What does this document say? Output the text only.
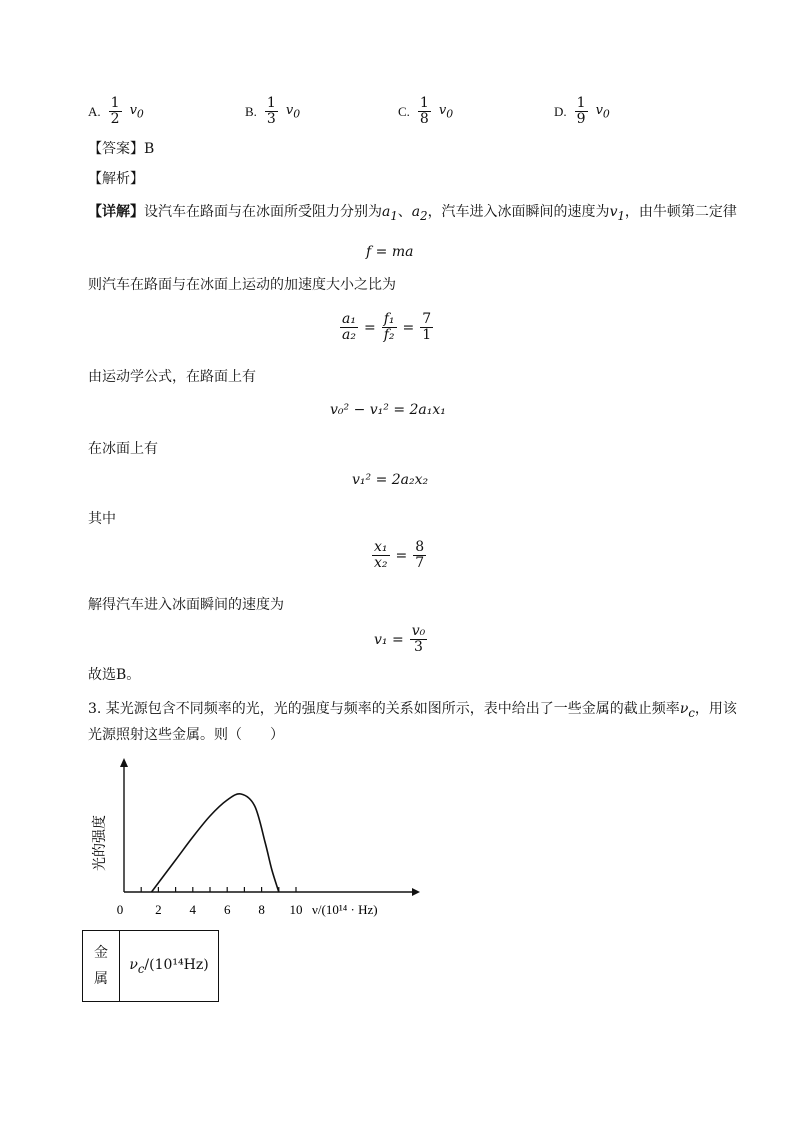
A. $\frac{1}{2} v_0$	B. $\frac{1}{3} v_0$	C. $\frac{1}{8} v_0$	D. $\frac{1}{9} v_0$
【答案】B
【解析】
【详解】设汽车在路面与在冰面所受阻力分别为$a_1$、$a_2$，汽车进入冰面瞬间的速度为$v_1$，由牛顿第二定律
f = ma
则汽车在路面与在冰面上运动的加速度大小之比为
$\frac{\text{a₁}}{\text{a₂}} = \frac{\text{f₁}}{\text{f₂}} = \frac{7}{1}$
由运动学公式，在路面上有
v₀² − v₁² = 2a₁x₁
在冰面上有
v₁² = 2a₂x₂
其中
$\frac{\text{x₁}}{\text{x₂}} = \frac{8}{7}$
解得汽车进入冰面瞬间的速度为
$v_1 = \frac{\text{v₀}}{3}$
故选B。
3. 某光源包含不同频率的光，光的强度与频率的关系如图所示，表中给出了一些金属的截止频率$\nu_c$，用该
光源照射这些金属。则（　　）
0 2 4 6 8 10
光的强度
ν/(10¹⁴ · Hz)
金
属
	$\nu_c/(10^{14}Hz)$
